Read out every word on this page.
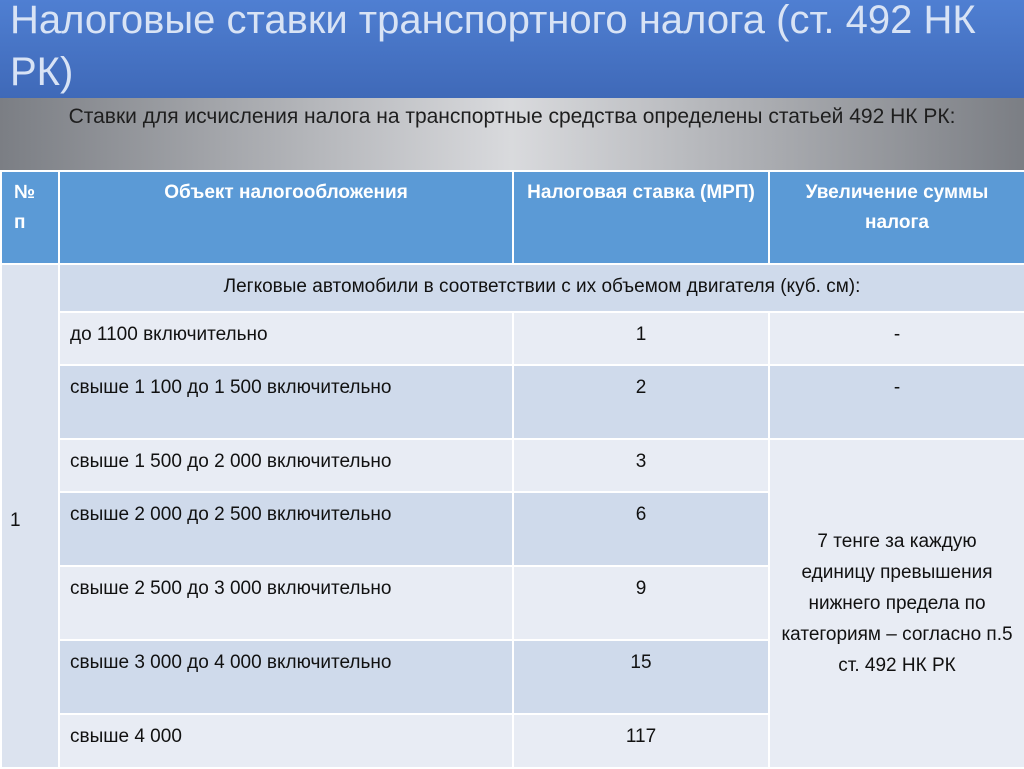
Налоговые ставки транспортного налога (ст. 492 НК РК)
Ставки для исчисления налога на транспортные средства определены статьей 492 НК РК:
№ п	Объект налогообложения	Налоговая ставка (МРП)	Увеличение суммы налога
1	Легковые автомобили в соответствии с их объемом двигателя (куб. см):		
	до 1100 включительно	1	-
	свыше 1 100 до 1 500 включительно	2	-
	свыше 1 500 до 2 000 включительно	3	7 тенге за каждую единицу превышения нижнего предела по категориям – согласно п.5 ст. 492 НК РК
	свыше 2 000 до 2 500 включительно	6	
	свыше 2 500 до 3 000 включительно	9	
	свыше 3 000 до 4 000 включительно	15	
	свыше 4 000	117	
